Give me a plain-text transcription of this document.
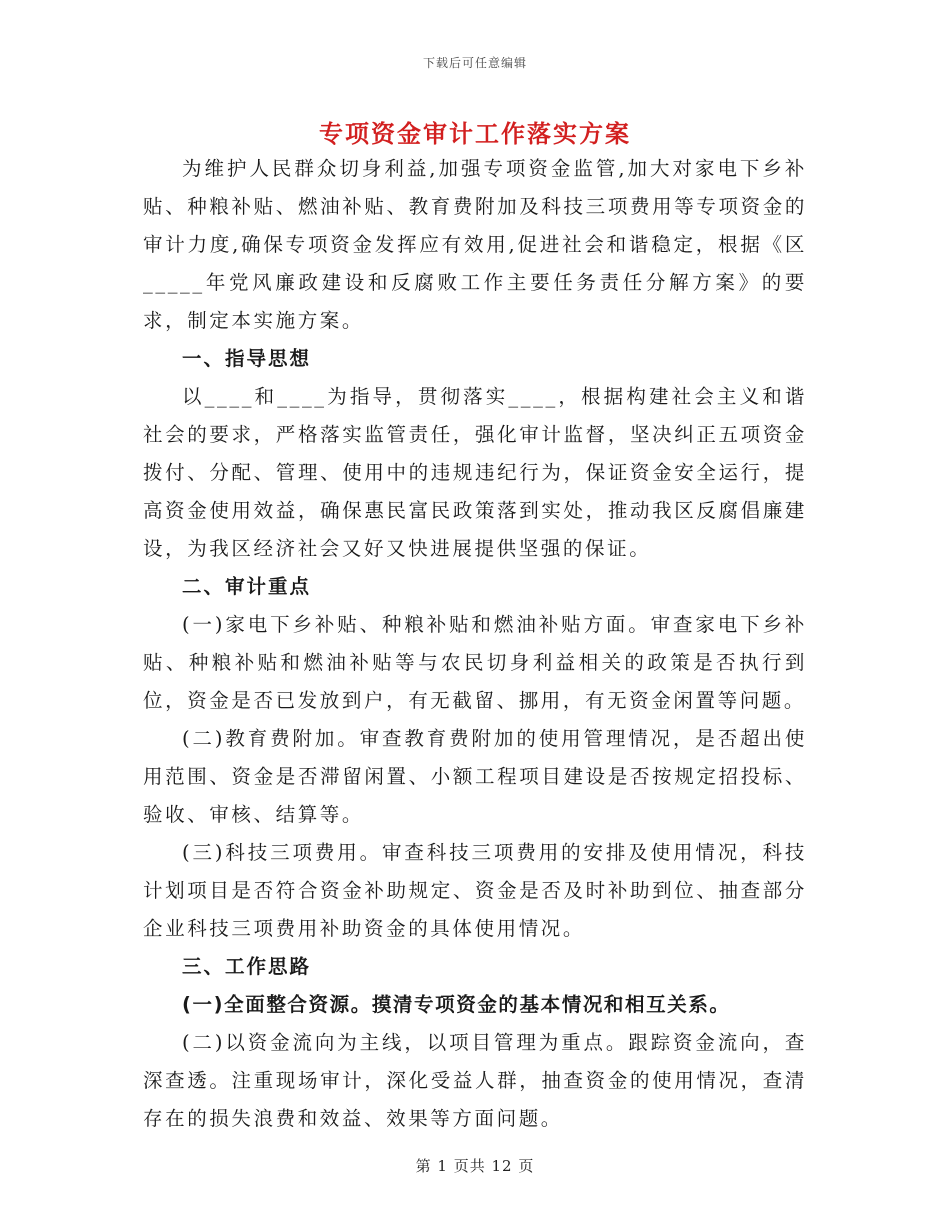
下载后可任意编辑
专项资金审计工作落实方案

为维护人民群众切身利益,加强专项资金监管,加大对家电下乡补贴、种粮补贴、燃油补贴、教育费附加及科技三项费用等专项资金的审计力度,确保专项资金发挥应有效用,促进社会和谐稳定，根据《区_____年党风廉政建设和反腐败工作主要任务责任分解方案》的要求，制定本实施方案。

一、指导思想

以____和____为指导，贯彻落实____，根据构建社会主义和谐社会的要求，严格落实监管责任，强化审计监督，坚决纠正五项资金拨付、分配、管理、使用中的违规违纪行为，保证资金安全运行，提高资金使用效益，确保惠民富民政策落到实处，推动我区反腐倡廉建设，为我区经济社会又好又快进展提供坚强的保证。

二、审计重点

(一)家电下乡补贴、种粮补贴和燃油补贴方面。审查家电下乡补贴、种粮补贴和燃油补贴等与农民切身利益相关的政策是否执行到位，资金是否已发放到户，有无截留、挪用，有无资金闲置等问题。

(二)教育费附加。审查教育费附加的使用管理情况，是否超出使用范围、资金是否滞留闲置、小额工程项目建设是否按规定招投标、验收、审核、结算等。

(三)科技三项费用。审查科技三项费用的安排及使用情况，科技计划项目是否符合资金补助规定、资金是否及时补助到位、抽查部分企业科技三项费用补助资金的具体使用情况。

三、工作思路

(一)全面整合资源。摸清专项资金的基本情况和相互关系。

(二)以资金流向为主线，以项目管理为重点。跟踪资金流向，查深查透。注重现场审计，深化受益人群，抽查资金的使用情况，查清存在的损失浪费和效益、效果等方面问题。

第 1 页共 12 页
